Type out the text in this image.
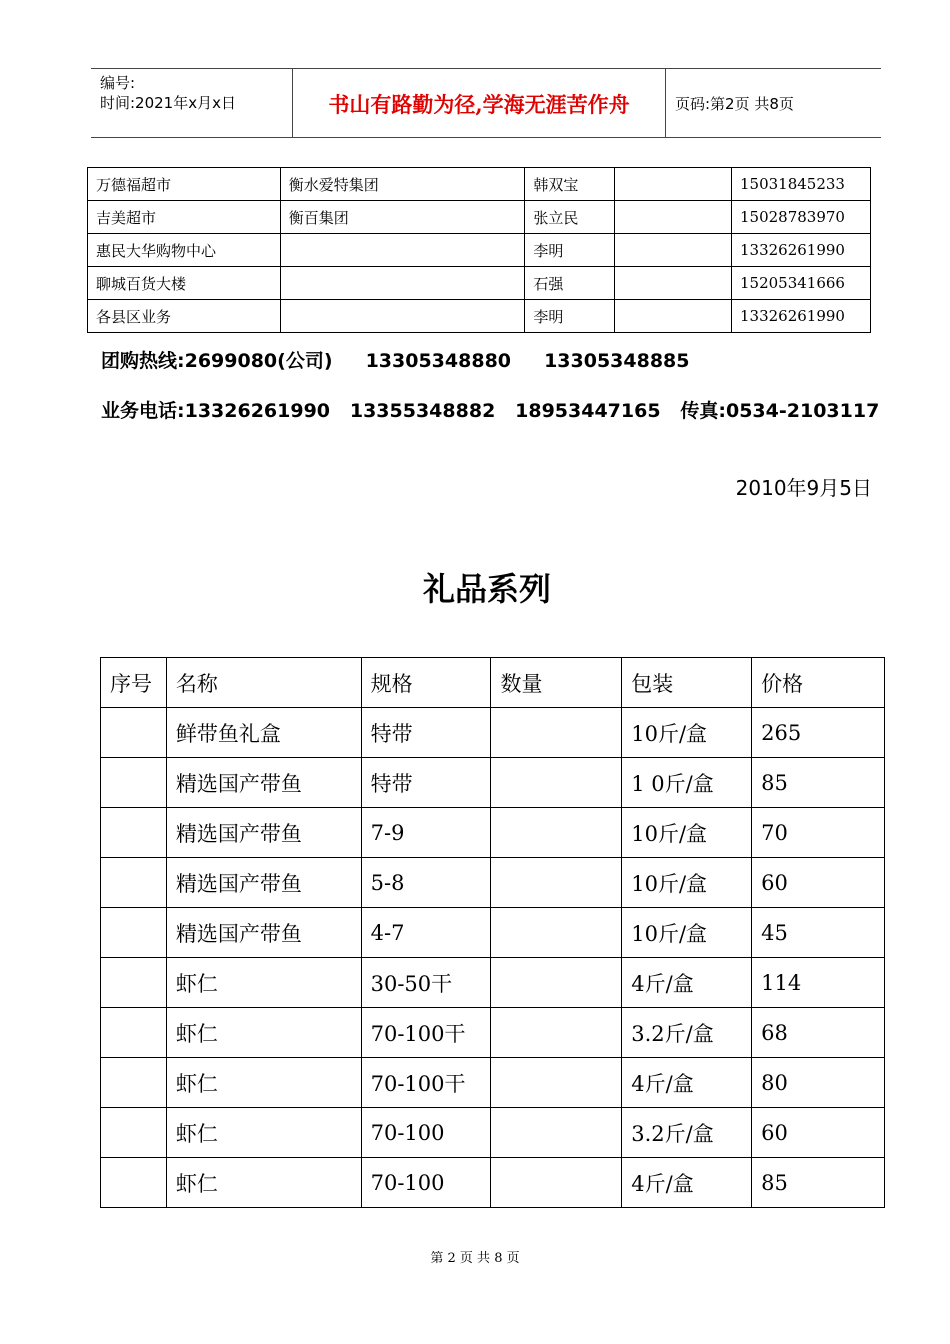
编号:
时间:2021年x月x日	书山有路勤为径,学海无涯苦作舟	页码:第2页 共8页
万德福超市	衡水爱特集团	韩双宝		15031845233
吉美超市	衡百集团	张立民		15028783970
惠民大华购物中心		李明		13326261990
聊城百货大楼		石强		15205341666
各县区业务		李明		13326261990
团购热线:2699080(公司)     13305348880     13305348885
业务电话:13326261990   13355348882   18953447165   传真:0534-2103117
2010年9月5日
礼品系列
序号	名称	规格	数量	包装	价格
	鲜带鱼礼盒	特带		10斤/盒	265
	精选国产带鱼	特带		1 0斤/盒	85
	精选国产带鱼	7-9		10斤/盒	70
	精选国产带鱼	5-8		10斤/盒	60
	精选国产带鱼	4-7		10斤/盒	45
	虾仁	30-50干		4斤/盒	114
	虾仁	70-100干		3.2斤/盒	68
	虾仁	70-100干		4斤/盒	80
	虾仁	70-100		3.2斤/盒	60
	虾仁	70-100		4斤/盒	85
第 2 页 共 8 页
